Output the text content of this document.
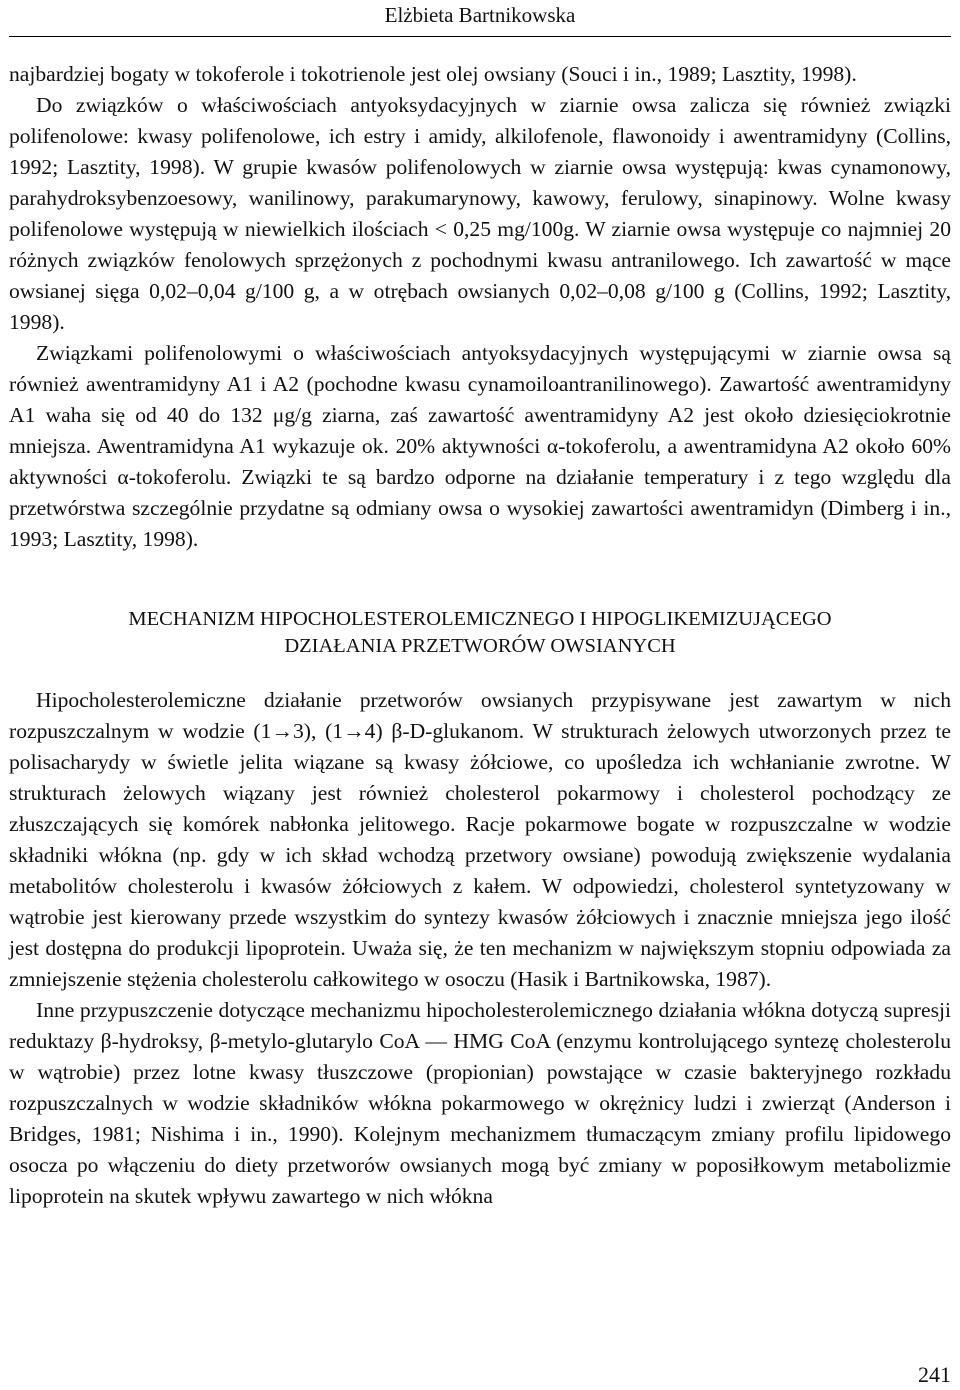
Elżbieta Bartnikowska

najbardziej bogaty w tokoferole i tokotrienole jest olej owsiany (Souci i in., 1989; Lasztity, 1998).

Do związków o właściwościach antyoksydacyjnych w ziarnie owsa zalicza się również związki polifenolowe: kwasy polifenolowe, ich estry i amidy, alkilofenole, flawonoidy i awentramidyny (Collins, 1992; Lasztity, 1998). W grupie kwasów polifenolowych w ziarnie owsa występują: kwas cynamonowy, parahydroksybenzoesowy, wanilinowy, parakumarynowy, kawowy, ferulowy, sinapinowy. Wolne kwasy polifenolowe występują w niewielkich ilościach < 0,25 mg/100g. W ziarnie owsa występuje co najmniej 20 różnych związków fenolowych sprzężonych z pochodnymi kwasu antranilowego. Ich zawartość w mące owsianej sięga 0,02–0,04 g/100 g, a w otrębach owsianych 0,02–0,08 g/100 g (Collins, 1992; Lasztity, 1998).

Związkami polifenolowymi o właściwościach antyoksydacyjnych występującymi w ziarnie owsa są również awentramidyny A1 i A2 (pochodne kwasu cynamoiloantranilinowego). Zawartość awentramidyny A1 waha się od 40 do 132 μg/g ziarna, zaś zawartość awentramidyny A2 jest około dziesięciokrotnie mniejsza. Awentramidyna A1 wykazuje ok. 20% aktywności α-tokoferolu, a awentramidyna A2 około 60% aktywności α-tokoferolu. Związki te są bardzo odporne na działanie temperatury i z tego względu dla przetwórstwa szczególnie przydatne są odmiany owsa o wysokiej zawartości awentramidyn (Dimberg i in., 1993; Lasztity, 1998).

MECHANIZM HIPOCHOLESTEROLEMICZNEGO I HIPOGLIKEMIZUJĄCEGO
DZIAŁANIA PRZETWORÓW OWSIANYCH

Hipocholesterolemiczne działanie przetworów owsianych przypisywane jest zawartym w nich rozpuszczalnym w wodzie (1→3), (1→4) β-D-glukanom. W strukturach żelowych utworzonych przez te polisacharydy w świetle jelita wiązane są kwasy żółciowe, co upośledza ich wchłanianie zwrotne. W strukturach żelowych wiązany jest również cholesterol pokarmowy i cholesterol pochodzący ze złuszczających się komórek nabłonka jelitowego. Racje pokarmowe bogate w rozpuszczalne w wodzie składniki włókna (np. gdy w ich skład wchodzą przetwory owsiane) powodują zwiększenie wydalania metabolitów cholesterolu i kwasów żółciowych z kałem. W odpowiedzi, cholesterol syntetyzowany w wątrobie jest kierowany przede wszystkim do syntezy kwasów żółciowych i znacznie mniejsza jego ilość jest dostępna do produkcji lipoprotein. Uważa się, że ten mechanizm w największym stopniu odpowiada za zmniejszenie stężenia cholesterolu całkowitego w osoczu (Hasik i Bartnikowska, 1987).

Inne przypuszczenie dotyczące mechanizmu hipocholesterolemicznego działania włókna dotyczą supresji reduktazy β-hydroksy, β-metylo-glutarylo CoA — HMG CoA (enzymu kontrolującego syntezę cholesterolu w wątrobie) przez lotne kwasy tłuszczowe (propionian) powstające w czasie bakteryjnego rozkładu rozpuszczalnych w wodzie składników włókna pokarmowego w okrężnicy ludzi i zwierząt (Anderson i Bridges, 1981; Nishima i in., 1990). Kolejnym mechanizmem tłumaczącym zmiany profilu lipidowego osocza po włączeniu do diety przetworów owsianych mogą być zmiany w poposiłkowym metabolizmie lipoprotein na skutek wpływu zawartego w nich włókna

241
